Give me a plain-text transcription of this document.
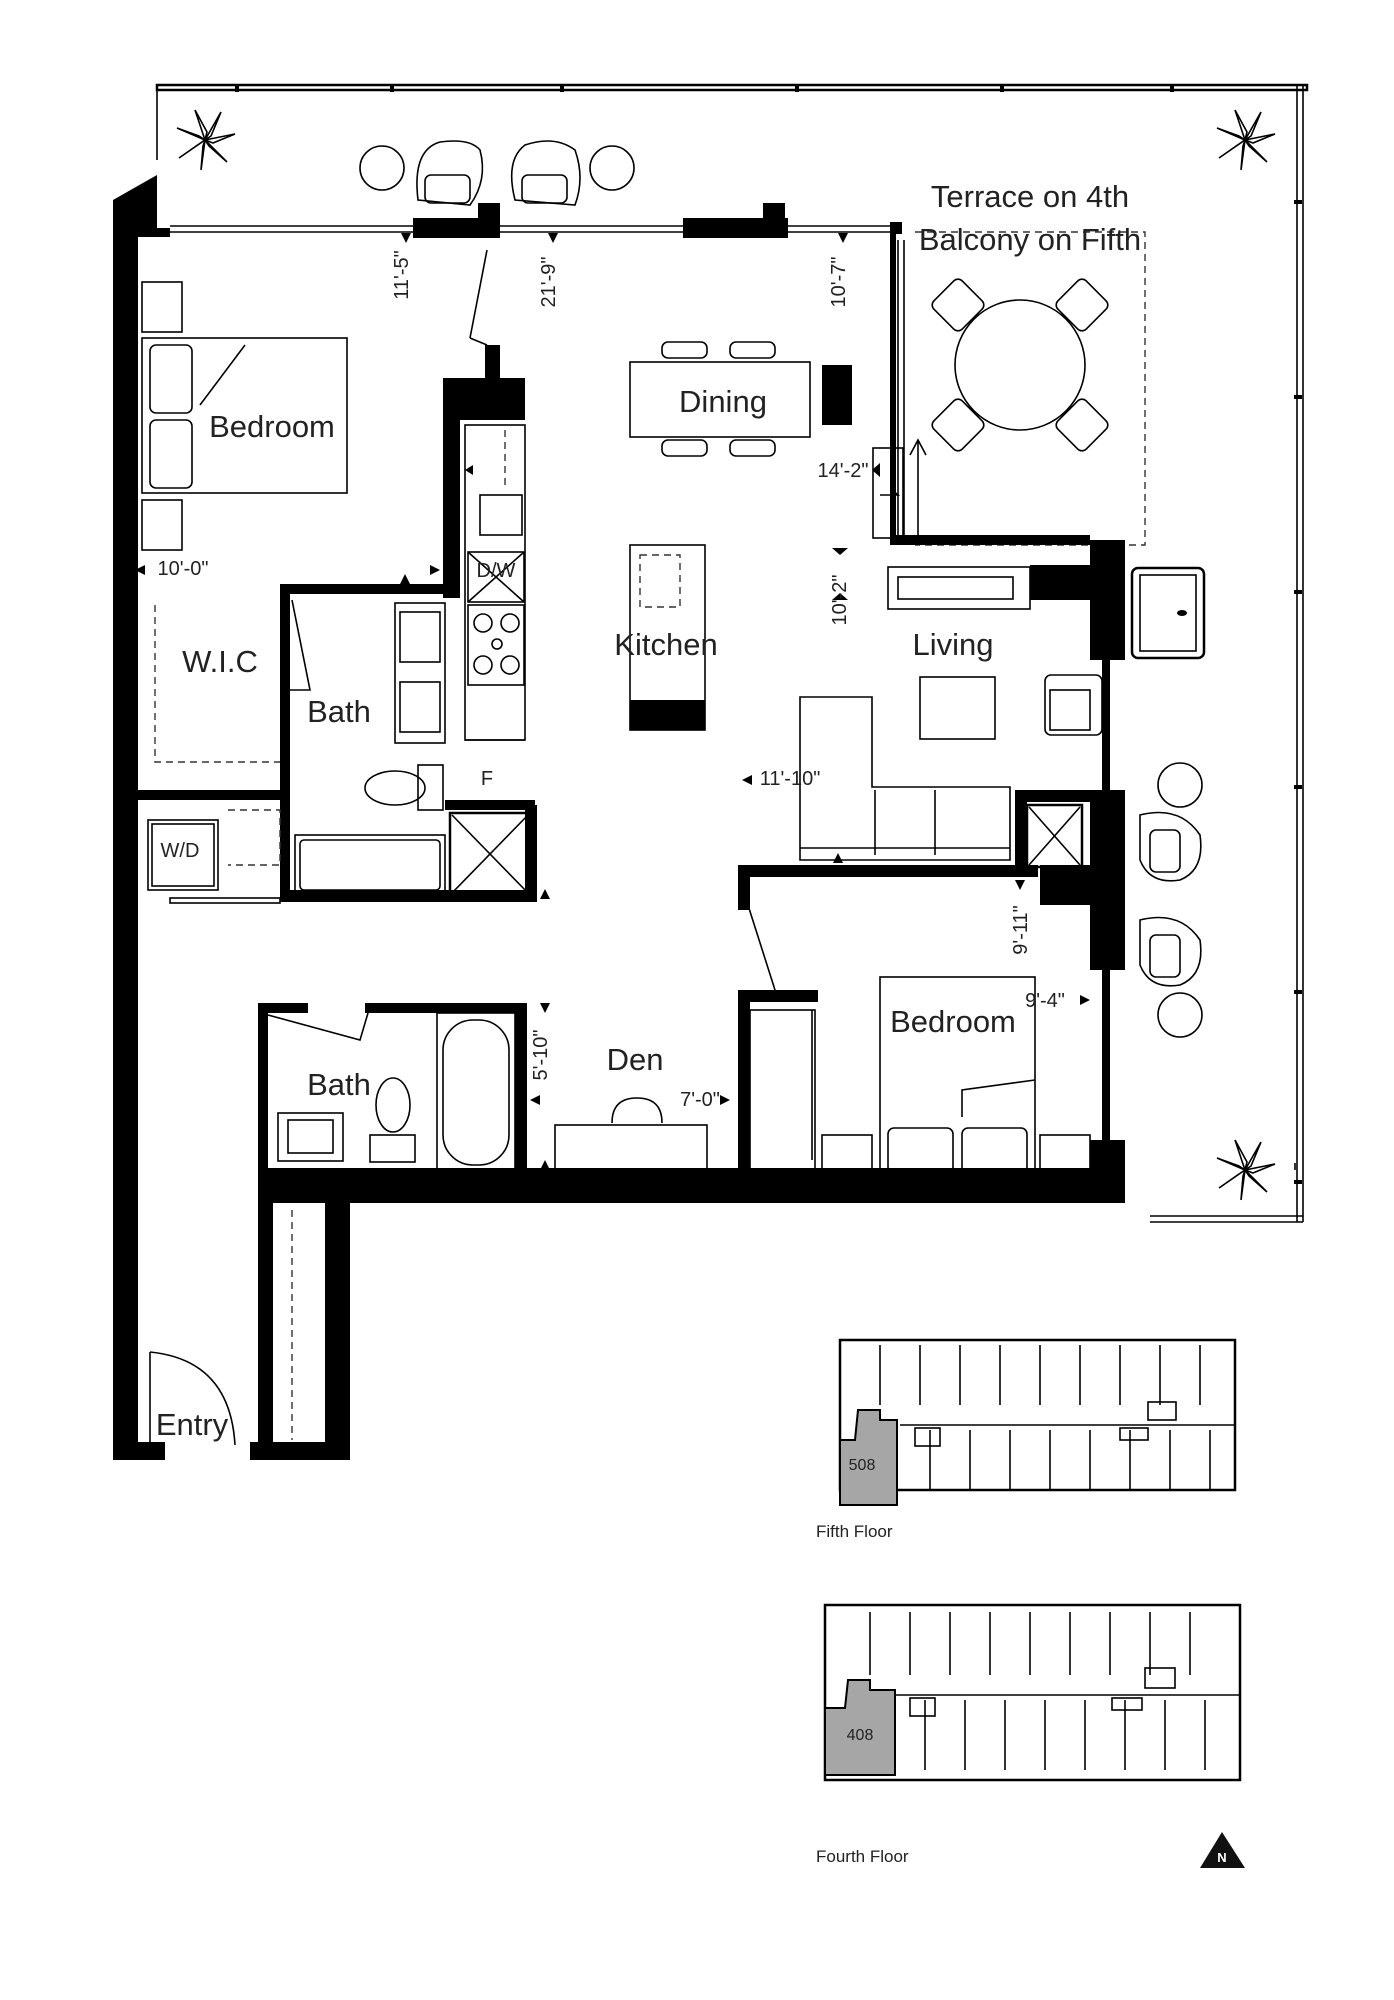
Bedroom
W.I.C
Bath
Dining
Kitchen	Living
Den
Bedroom
Bath
Entry
Terrace on 4th
Balcony on Fifth
D/W
F
W/D
11'-5"	21'-9"	10'-7"
14'-2"
10'-0"
10'-2"
11'-10"
9'-11"
9'-4"
5'-10"
7'-0"
508
Fifth Floor
408
Fourth Floor	N
